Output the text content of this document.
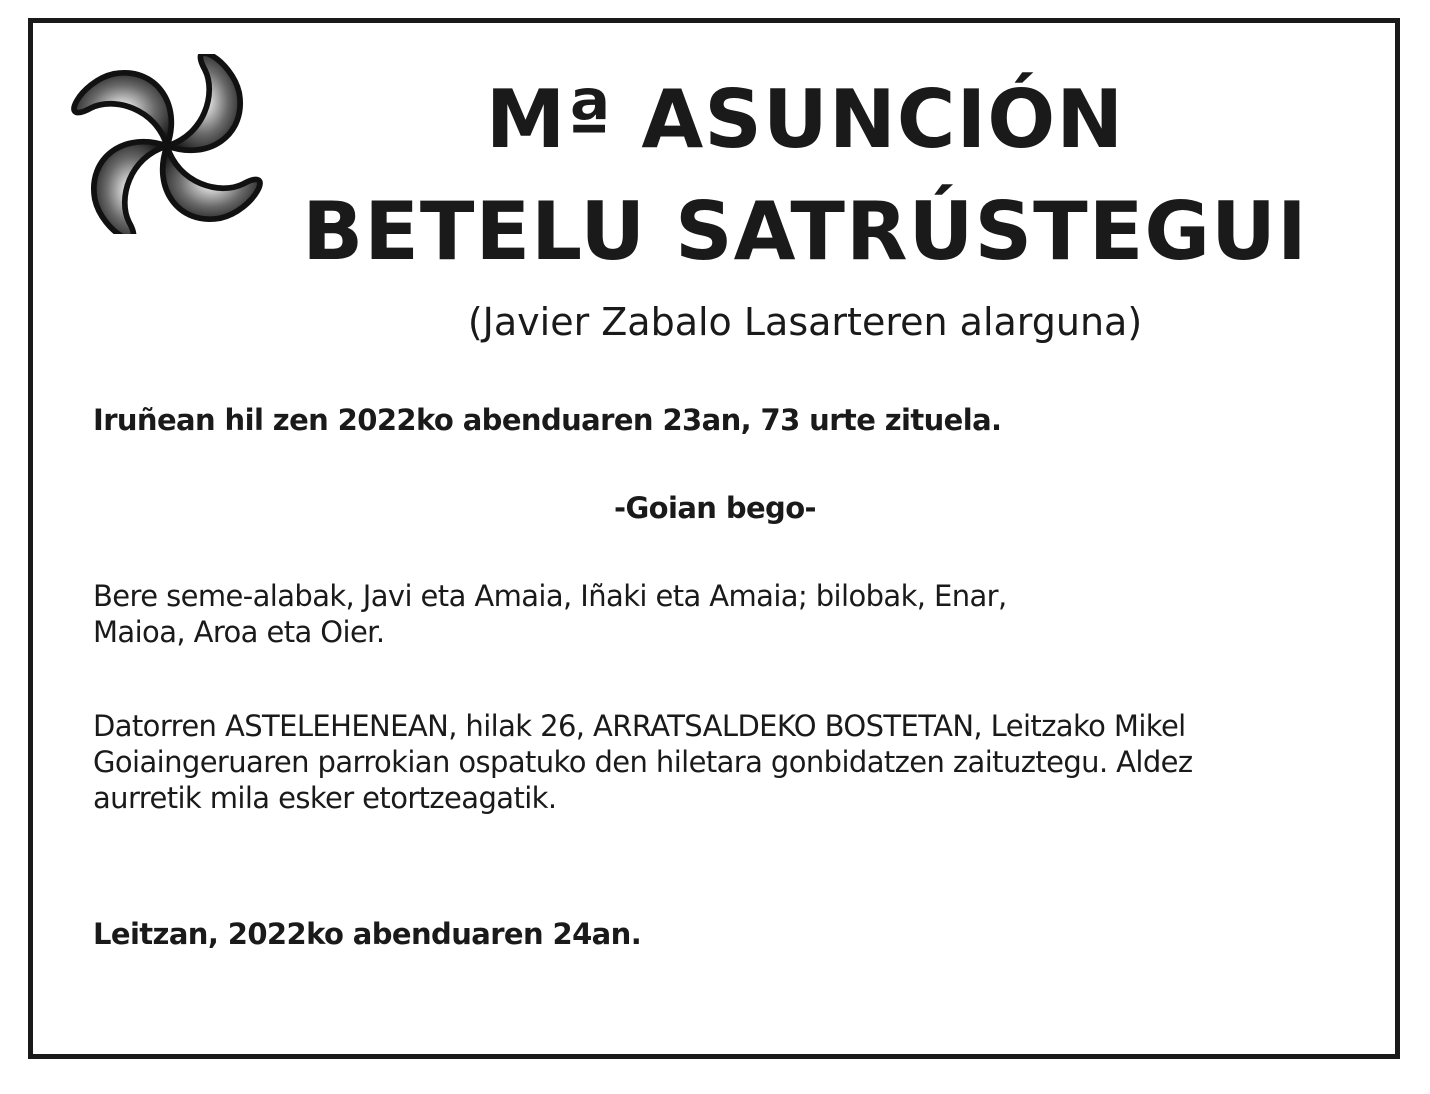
Mª ASUNCIÓN
BETELU SATRÚSTEGUI
(Javier Zabalo Lasarteren alarguna)
Iruñean hil zen 2022ko abenduaren 23an, 73 urte zituela.
-Goian bego-
Bere seme-alabak, Javi eta Amaia, Iñaki eta Amaia; bilobak, Enar,
Maioa, Aroa eta Oier.
Datorren ASTELEHENEAN, hilak 26, ARRATSALDEKO BOSTETAN, Leitzako Mikel
Goiaingeruaren parrokian ospatuko den hiletara gonbidatzen zaituztegu. Aldez
aurretik mila esker etortzeagatik.
Leitzan, 2022ko abenduaren 24an.
